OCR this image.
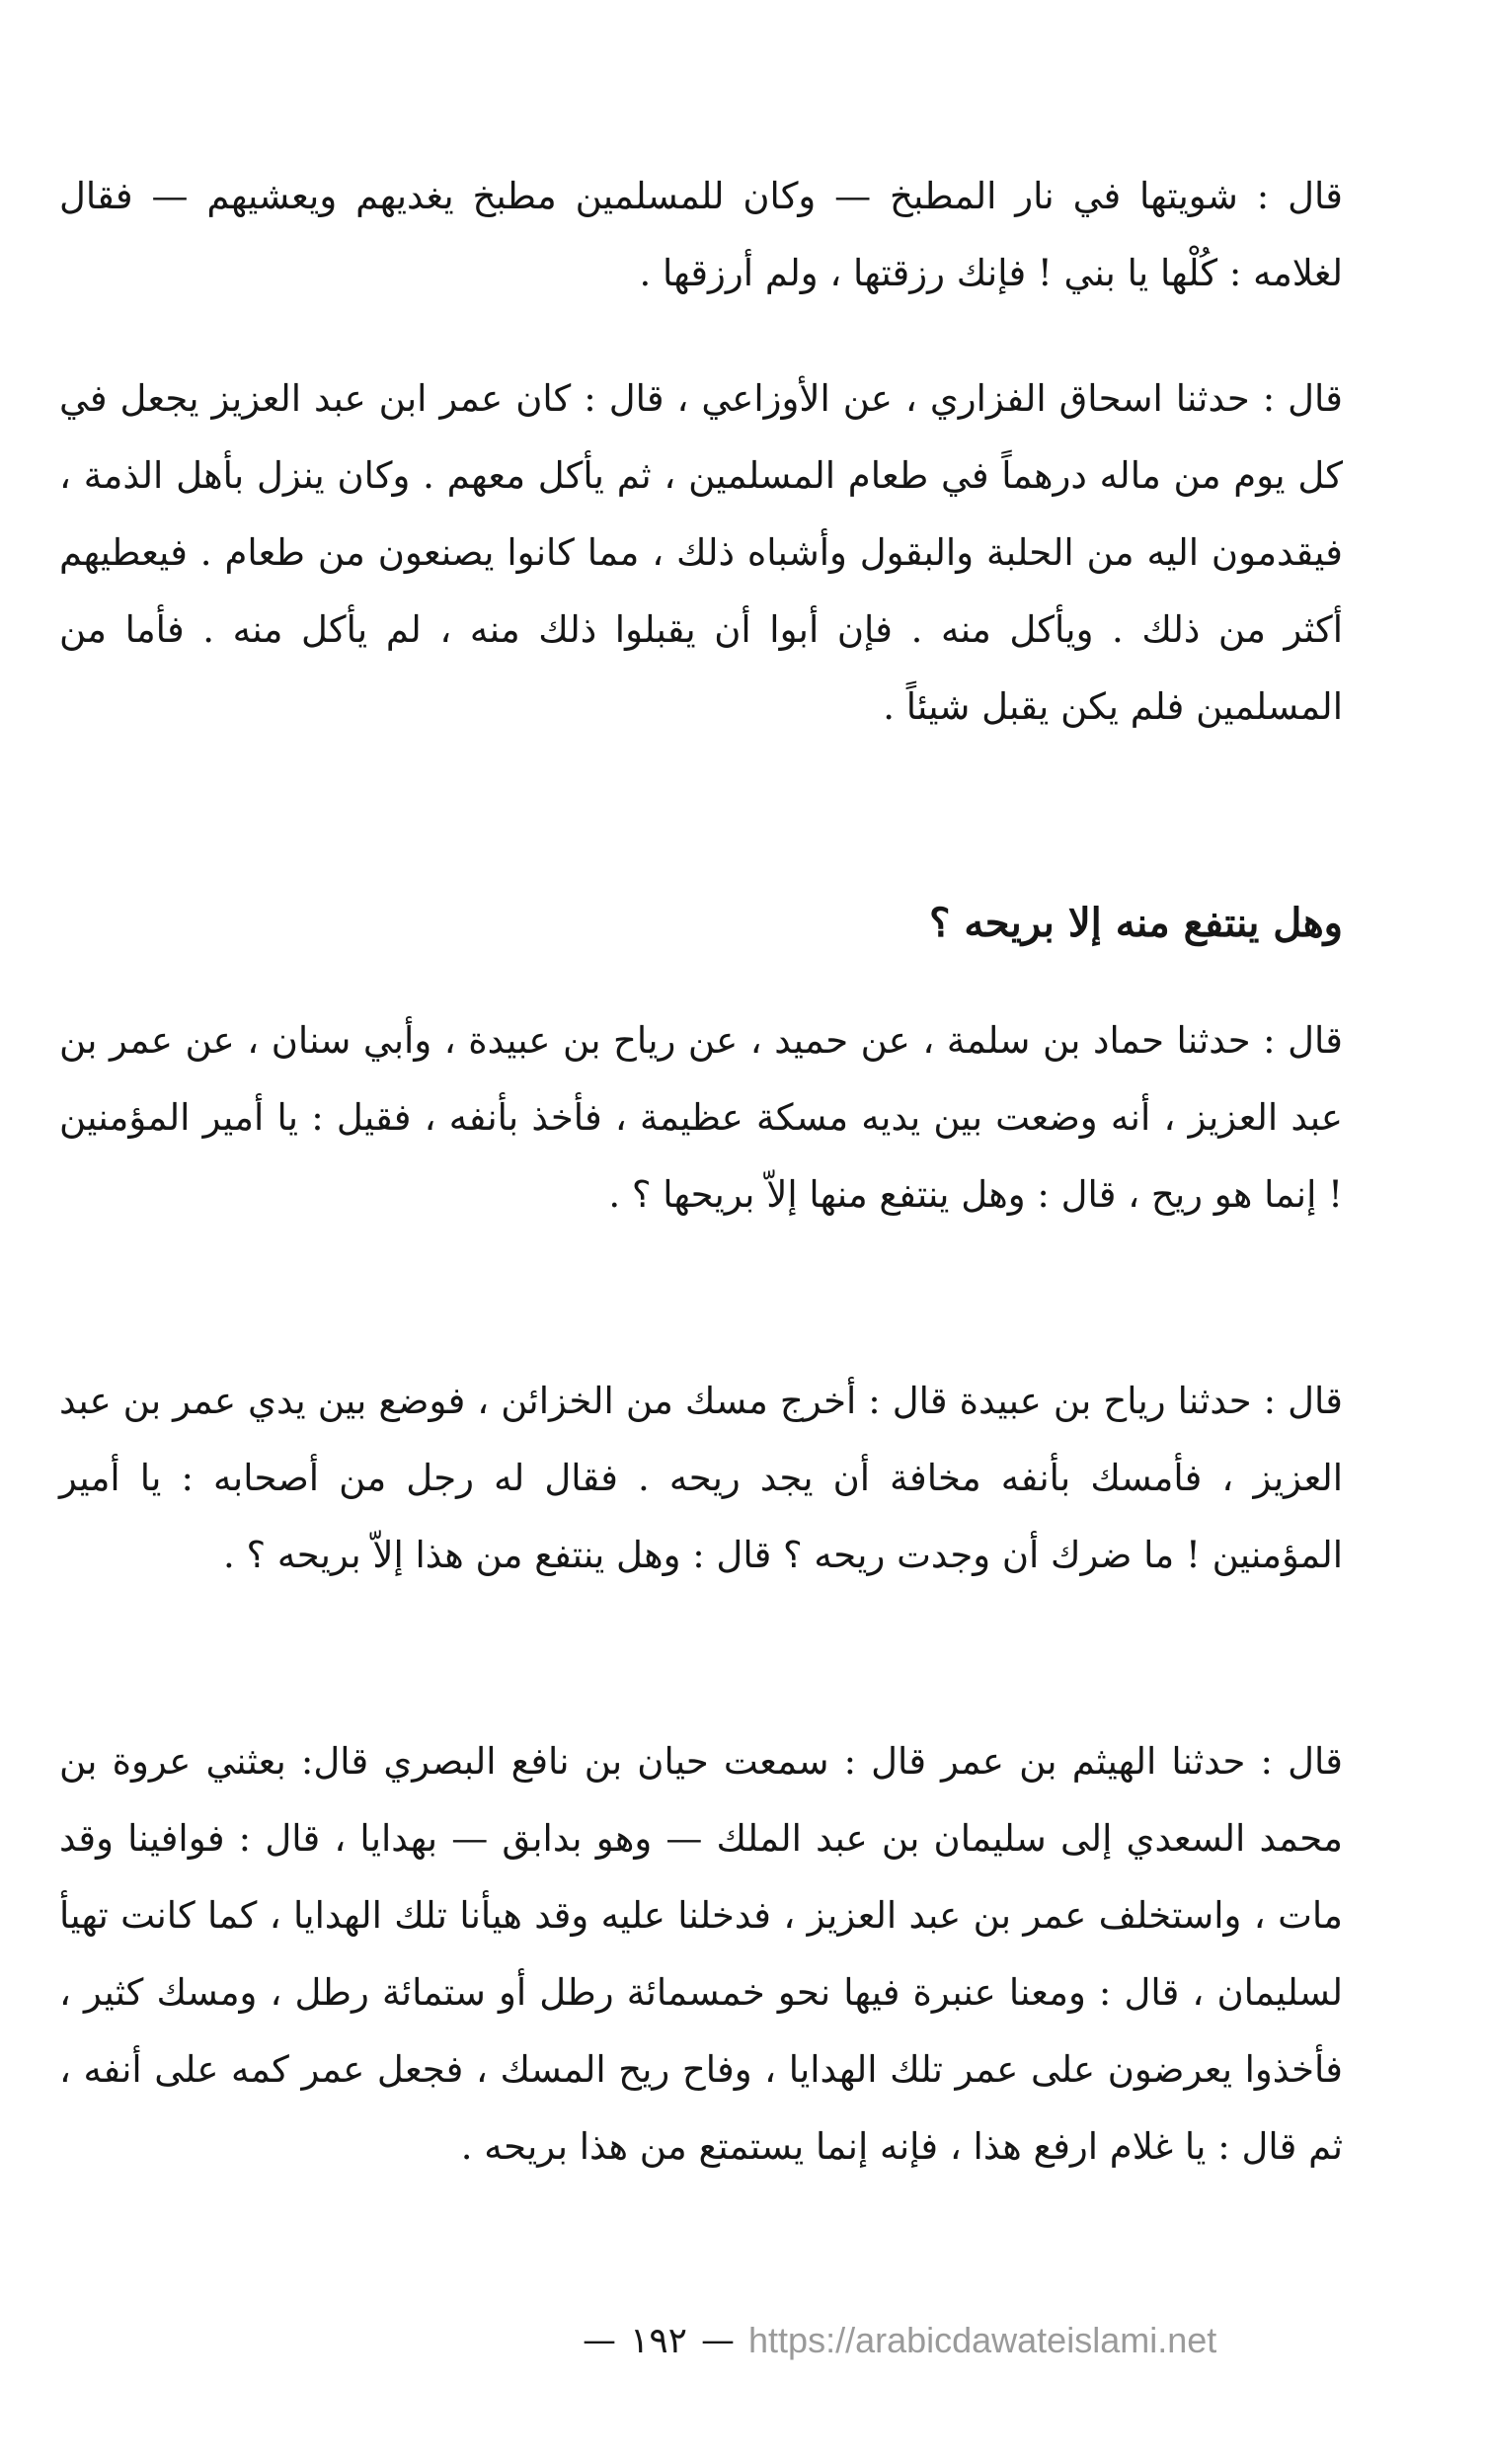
قال : شويتها في نار المطبخ — وكان للمسلمين مطبخ يغديهم ويعشيهم — فقال لغلامه : كُلْها يا بني ! فإنك رزقتها ، ولم أرزقها .

قال : حدثنا اسحاق الفزاري ، عن الأوزاعي ، قال : كان عمر ابن عبد العزيز يجعل في كل يوم من ماله درهماً في طعام المسلمين ، ثم يأكل معهم . وكان ينزل بأهل الذمة ، فيقدمون اليه من الحلبة والبقول وأشباه ذلك ، مما كانوا يصنعون من طعام . فيعطيهم أكثر من ذلك . ويأكل منه . فإن أبوا أن يقبلوا ذلك منه ، لم يأكل منه . فأما من المسلمين فلم يكن يقبل شيئاً .

وهل ينتفع منه إلا بريحه ؟

قال : حدثنا حماد بن سلمة ، عن حميد ، عن رياح بن عبيدة ، وأبي سنان ، عن عمر بن عبد العزيز ، أنه وضعت بين يديه مسكة عظيمة ، فأخذ بأنفه ، فقيل : يا أمير المؤمنين ! إنما هو ريح ، قال : وهل ينتفع منها إلاّ بريحها ؟ .

قال : حدثنا رياح بن عبيدة قال : أخرج مسك من الخزائن ، فوضع بين يدي عمر بن عبد العزيز ، فأمسك بأنفه مخافة أن يجد ريحه . فقال له رجل من أصحابه : يا أمير المؤمنين ! ما ضرك أن وجدت ريحه ؟ قال : وهل ينتفع من هذا إلاّ بريحه ؟ .

قال : حدثنا الهيثم بن عمر قال : سمعت حيان بن نافع البصري قال: بعثني عروة بن محمد السعدي إلى سليمان بن عبد الملك — وهو بدابق — بهدايا ، قال : فوافينا وقد مات ، واستخلف عمر بن عبد العزيز ، فدخلنا عليه وقد هيأنا تلك الهدايا ، كما كانت تهيأ لسليمان ، قال : ومعنا عنبرة فيها نحو خمسمائة رطل أو ستمائة رطل ، ومسك كثير ، فأخذوا يعرضون على عمر تلك الهدايا ، وفاح ريح المسك ، فجعل عمر كمه على أنفه ، ثم قال : يا غلام ارفع هذا ، فإنه إنما يستمتع من هذا بريحه .

— ١٩٢ — https://arabicdawateislami.net
